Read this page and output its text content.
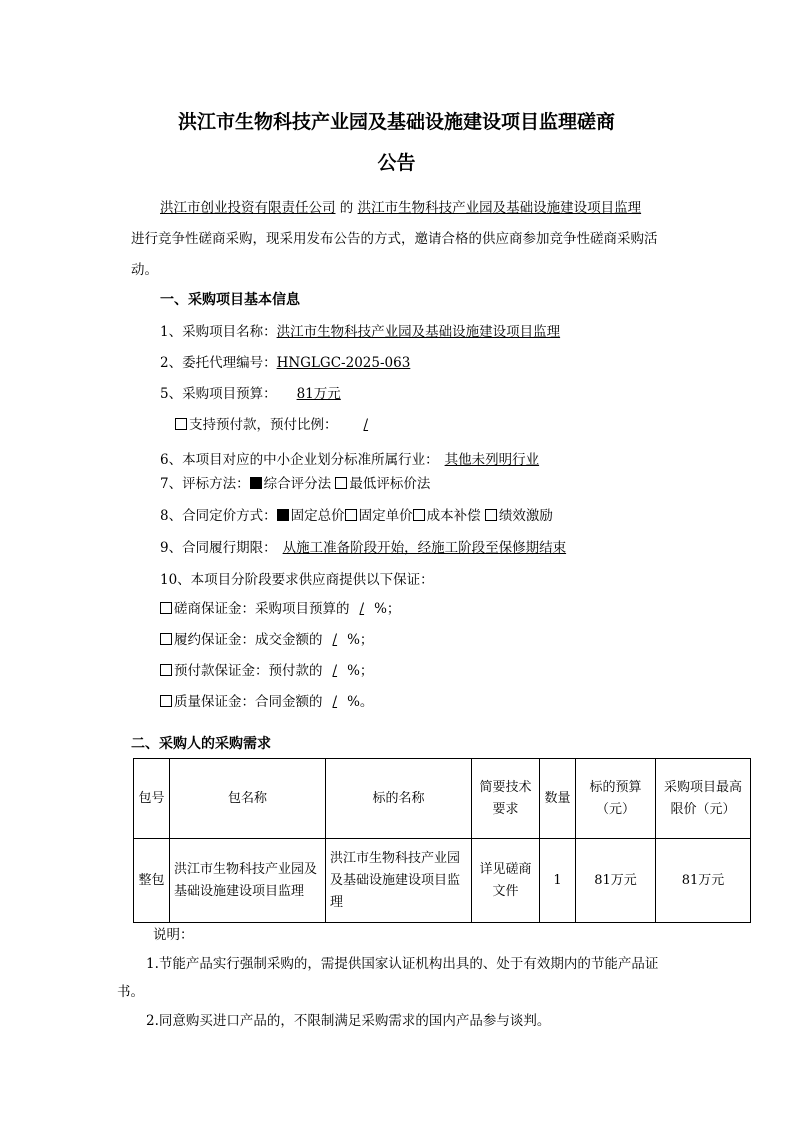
洪江市生物科技产业园及基础设施建设项目监理磋商
公告
洪江市创业投资有限责任公司 的 洪江市生物科技产业园及基础设施建设项目监理
进行竞争性磋商采购，现采用发布公告的方式，邀请合格的供应商参加竞争性磋商采购活
动。
一、采购项目基本信息
1、采购项目名称：洪江市生物科技产业园及基础设施建设项目监理
2、委托代理编号：HNGLGC-2025-063
5、采购项目预算： 81万元
支持预付款，预付比例： /
6、本项目对应的中小企业划分标准所属行业： 其他未列明行业
7、评标方法： 综合评分法 最低评标价法
8、合同定价方式： 固定总价 固定单价 成本补偿 绩效激励
9、合同履行期限： 从施工准备阶段开始，经施工阶段至保修期结束
10、本项目分阶段要求供应商提供以下保证：
磋商保证金：采购项目预算的 / %；
履约保证金：成交金额的 / %；
预付款保证金：预付款的 / %；
质量保证金：合同金额的 / %。
二、采购人的采购需求
包号	包名称	标的名称	简要技术要求	数量	标的预算（元）	采购项目最高限价（元）
整包	洪江市生物科技产业园及基础设施建设项目监理	洪江市生物科技产业园及基础设施建设项目监理	详见磋商文件	1	81万元	81万元
说明：
1.节能产品实行强制采购的，需提供国家认证机构出具的、处于有效期内的节能产品证
书。
2.同意购买进口产品的，不限制满足采购需求的国内产品参与谈判。
